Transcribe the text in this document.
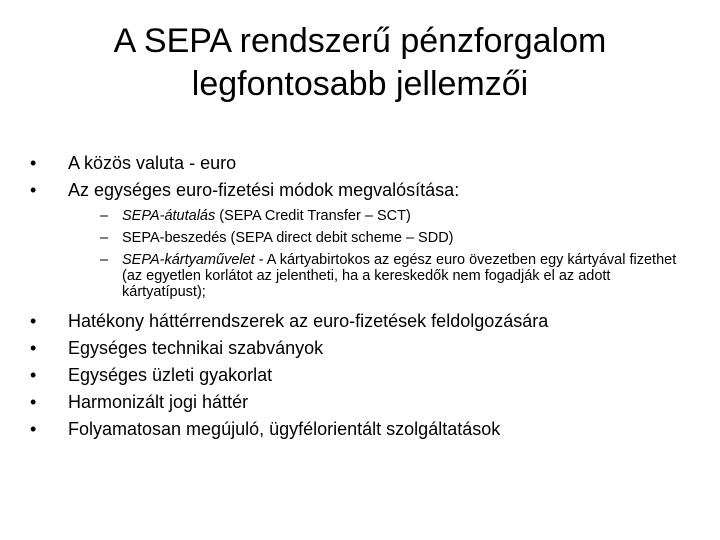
A SEPA rendszerű pénzforgalom
legfontosabb jellemzői
•	A közös valuta - euro
•	Az egységes euro-fizetési módok megvalósítása:
– SEPA-átutalás (SEPA Credit Transfer – SCT)
– SEPA-beszedés (SEPA direct debit scheme – SDD)
– SEPA-kártyaművelet - A kártyabirtokos az egész euro övezetben egy kártyával fizethet (az egyetlen korlátot az jelentheti, ha a kereskedők nem fogadják el az adott kártyatípust);
•	Hatékony háttérrendszerek az euro-fizetések feldolgozására
•	Egységes technikai szabványok
•	Egységes üzleti gyakorlat
•	Harmonizált jogi háttér
•	Folyamatosan megújuló, ügyfélorientált szolgáltatások
